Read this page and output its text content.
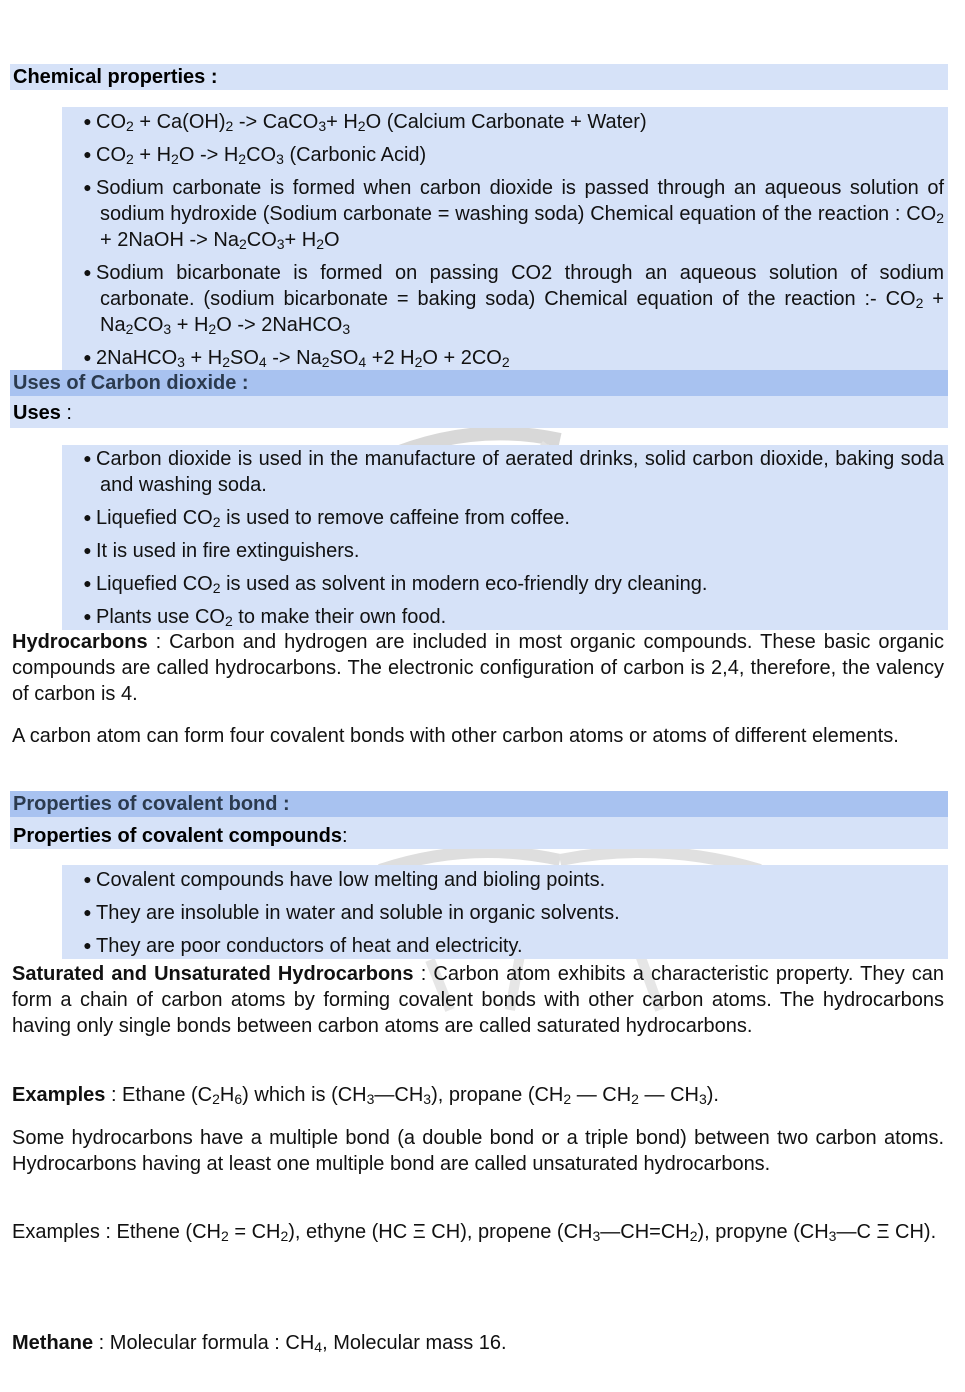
Chemical properties :
● $CO_2 + Ca(OH)_2$ -> CaCO$_3$+ $H_2O$ (Calcium Carbonate + Water)
● $CO_2 + H_2O -> H_2CO_3$ (Carbonic Acid)
● Sodium carbonate is formed when carbon dioxide is passed through an aqueous solution of sodium hydroxide (Sodium carbonate = washing soda) Chemical equation of the reaction : $CO_2$ + 2NaOH -> $Na_2CO_3+ H_2O$
● Sodium bicarbonate is formed on passing CO2 through an aqueous solution of sodium carbonate. (sodium bicarbonate = baking soda) Chemical equation of the reaction :- $CO_2 + Na_2CO_3 + H_2O$ -> 2NaHCO$_3$
● 2NaHCO$_3$ + $H_2SO_4 -> Na_2SO_4 +2$ $H_2O + 2CO_2$
Uses of Carbon dioxide :
Uses :
● Carbon dioxide is used in the manufacture of aerated drinks, solid carbon dioxide, baking soda and washing soda.
● Liquefied $CO_2$ is used to remove caffeine from coffee.
● It is used in fire extinguishers.
● Liquefied $CO_2$ is used as solvent in modern eco-friendly dry cleaning.
● Plants use $CO_2$ to make their own food.
Hydrocarbons : Carbon and hydrogen are included in most organic compounds. These basic organic compounds are called hydrocarbons. The electronic configuration of carbon is 2,4, therefore, the valency of carbon is 4.
A carbon atom can form four covalent bonds with other carbon atoms or atoms of different elements.
Properties of covalent bond :
Properties of covalent compounds:
● Covalent compounds have low melting and bioling points.
● They are insoluble in water and soluble in organic solvents.
● They are poor conductors of heat and electricity.
Saturated and Unsaturated Hydrocarbons : Carbon atom exhibits a characteristic property. They can form a chain of carbon atoms by forming covalent bonds with other carbon atoms. The hydrocarbons having only single bonds between carbon atoms are called saturated hydrocarbons.
Examples : Ethane $(C_2H_6)$ which is $(CH_3—CH_3)$, propane ($CH_2$ — $CH_2$ — $CH_3$).
Some hydrocarbons have a multiple bond (a double bond or a triple bond) between two carbon atoms. Hydrocarbons having at least one multiple bond are called unsaturated hydrocarbons.
Examples : Ethene $(CH_2 = CH_2)$, ethyne (HC Ξ CH), propene $(CH_3—CH=CH_2)$, propyne ($CH_3—C$ Ξ CH).
Methane : Molecular formula : $CH_4$, Molecular mass 16.
